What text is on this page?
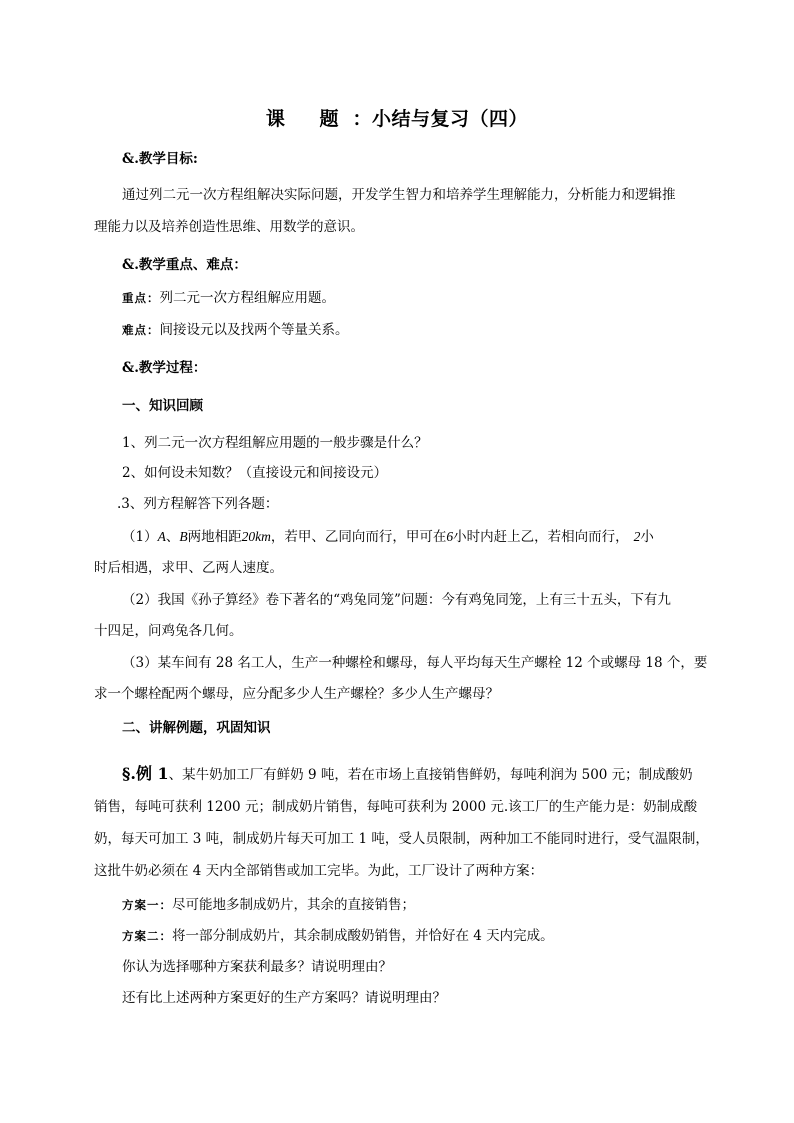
课 题：小结与复习（四）
&.教学目标:
通过列二元一次方程组解决实际问题，开发学生智力和培养学生理解能力，分析能力和逻辑推
理能力以及培养创造性思维、用数学的意识。
&.教学重点、难点：
重点：列二元一次方程组解应用题。
难点：间接设元以及找两个等量关系。
&.教学过程：
一、知识回顾
1、列二元一次方程组解应用题的一般步骤是什么？
2、如何设未知数？（直接设元和间接设元）
.3、列方程解答下列各题：
（1）A、B两地相距20km，若甲、乙同向而行，甲可在6小时内赶上乙，若相向而行， 2小
时后相遇，求甲、乙两人速度。
（2）我国《孙子算经》卷下著名的“鸡兔同笼”问题：今有鸡兔同笼，上有三十五头，下有九
十四足，问鸡兔各几何。
（3）某车间有 28 名工人，生产一种螺栓和螺母，每人平均每天生产螺栓 12 个或螺母 18 个，要
求一个螺栓配两个螺母，应分配多少人生产螺栓？多少人生产螺母？
二、讲解例题，巩固知识
§.例 1、某牛奶加工厂有鲜奶 9 吨，若在市场上直接销售鲜奶，每吨利润为 500 元；制成酸奶
销售，每吨可获利 1200 元；制成奶片销售，每吨可获利为 2000 元.该工厂的生产能力是：奶制成酸
奶，每天可加工 3 吨，制成奶片每天可加工 1 吨，受人员限制，两种加工不能同时进行，受气温限制，
这批牛奶必须在 4 天内全部销售或加工完毕。为此，工厂设计了两种方案：
方案一：尽可能地多制成奶片，其余的直接销售；
方案二：将一部分制成奶片，其余制成酸奶销售，并恰好在 4 天内完成。
你认为选择哪种方案获利最多？请说明理由？
还有比上述两种方案更好的生产方案吗？请说明理由？
